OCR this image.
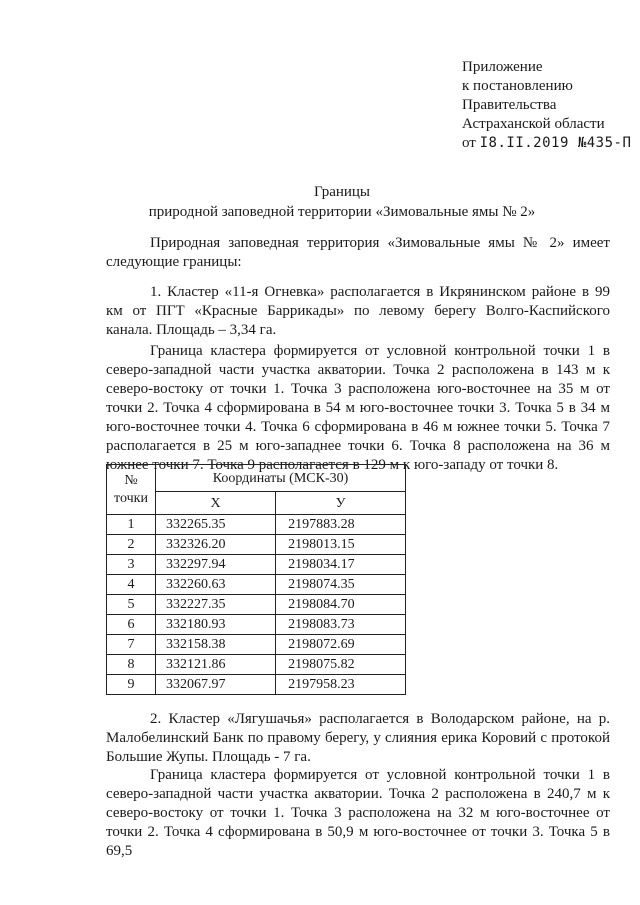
Приложение
к постановлению
Правительства
Астраханской области
от I8.II.2019 №435-П
Границы
природной заповедной территории «Зимовальные ямы № 2»
Природная заповедная территория «Зимовальные ямы № 2» имеет следующие границы:
1. Кластер «11-я Огневка» располагается в Икрянинском районе в 99 км от ПГТ «Красные Баррикады» по левому берегу Волго-Каспийского канала. Площадь – 3,34 га.
Граница кластера формируется от условной контрольной точки 1 в северо-западной части участка акватории. Точка 2 расположена в 143 м к северо-востоку от точки 1. Точка 3 расположена юго-восточнее на 35 м от точки 2. Точка 4 сформирована в 54 м юго-восточнее точки 3. Точка 5 в 34 м юго-восточнее точки 4. Точка 6 сформирована в 46 м южнее точки 5. Точка 7 располагается в 25 м юго-западнее точки 6. Точка 8 расположена на 36 м южнее точки 7. Точка 9 располагается в 129 м к юго-западу от точки 8.
№ точки	Координаты (МСК-30)	
	Х	У
1	332265.35	2197883.28
2	332326.20	2198013.15
3	332297.94	2198034.17
4	332260.63	2198074.35
5	332227.35	2198084.70
6	332180.93	2198083.73
7	332158.38	2198072.69
8	332121.86	2198075.82
9	332067.97	2197958.23
2. Кластер «Лягушачья» располагается в Володарском районе, на р. Малобелинский Банк по правому берегу, у слияния ерика Коровий с протокой Большие Жупы. Площадь - 7 га.
Граница кластера формируется от условной контрольной точки 1 в северо-западной части участка акватории. Точка 2 расположена в 240,7 м к северо-востоку от точки 1. Точка 3 расположена на 32 м юго-восточнее от точки 2. Точка 4 сформирована в 50,9 м юго-восточнее от точки 3. Точка 5 в 69,5
